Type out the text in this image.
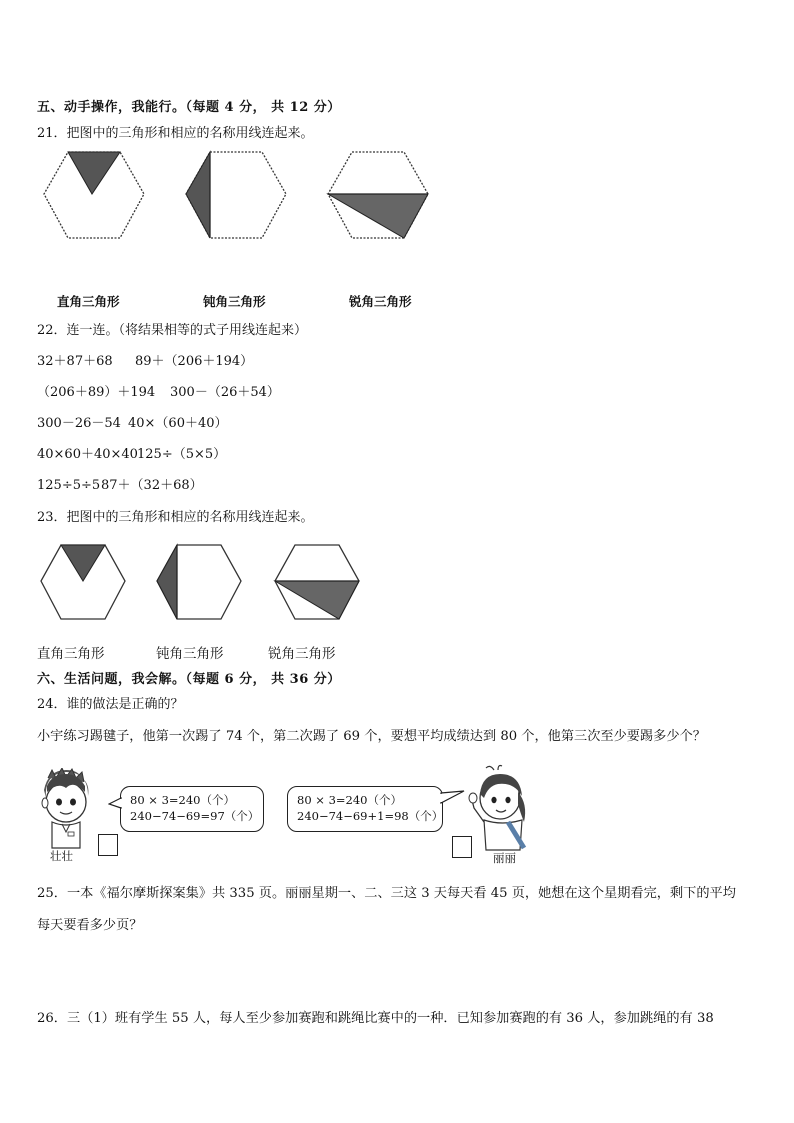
五、动手操作，我能行。（每题 4 分， 共 12 分）
21．把图中的三角形和相应的名称用线连起来。
直角三角形	钝角三角形	锐角三角形
22．连一连。（将结果相等的式子用线连起来）
32＋87＋68 89＋（206＋194）
（206＋89）＋194 300－（26＋54）
300－26－54 40×（60＋40）
40×60＋40×40 125÷（5×5）
125÷5÷5 87＋（32＋68）
23．把图中的三角形和相应的名称用线连起来。
直角三角形	钝角三角形	锐角三角形
六、生活问题，我会解。（每题 6 分， 共 36 分）
24．谁的做法是正确的？
小宇练习踢毽子，他第一次踢了 74 个，第二次踢了 69 个，要想平均成绩达到 80 个，他第三次至少要踢多少个？
壮壮
80 × 3=240（个）
240−74−69=97（个）
80 × 3=240（个）
240−74−69+1=98（个）
丽丽
25．一本《福尔摩斯探案集》共 335 页。丽丽星期一、二、三这 3 天每天看 45 页，她想在这个星期看完，剩下的平均
每天要看多少页？
26．三（1）班有学生 55 人，每人至少参加赛跑和跳绳比赛中的一种．已知参加赛跑的有 36 人，参加跳绳的有 38
